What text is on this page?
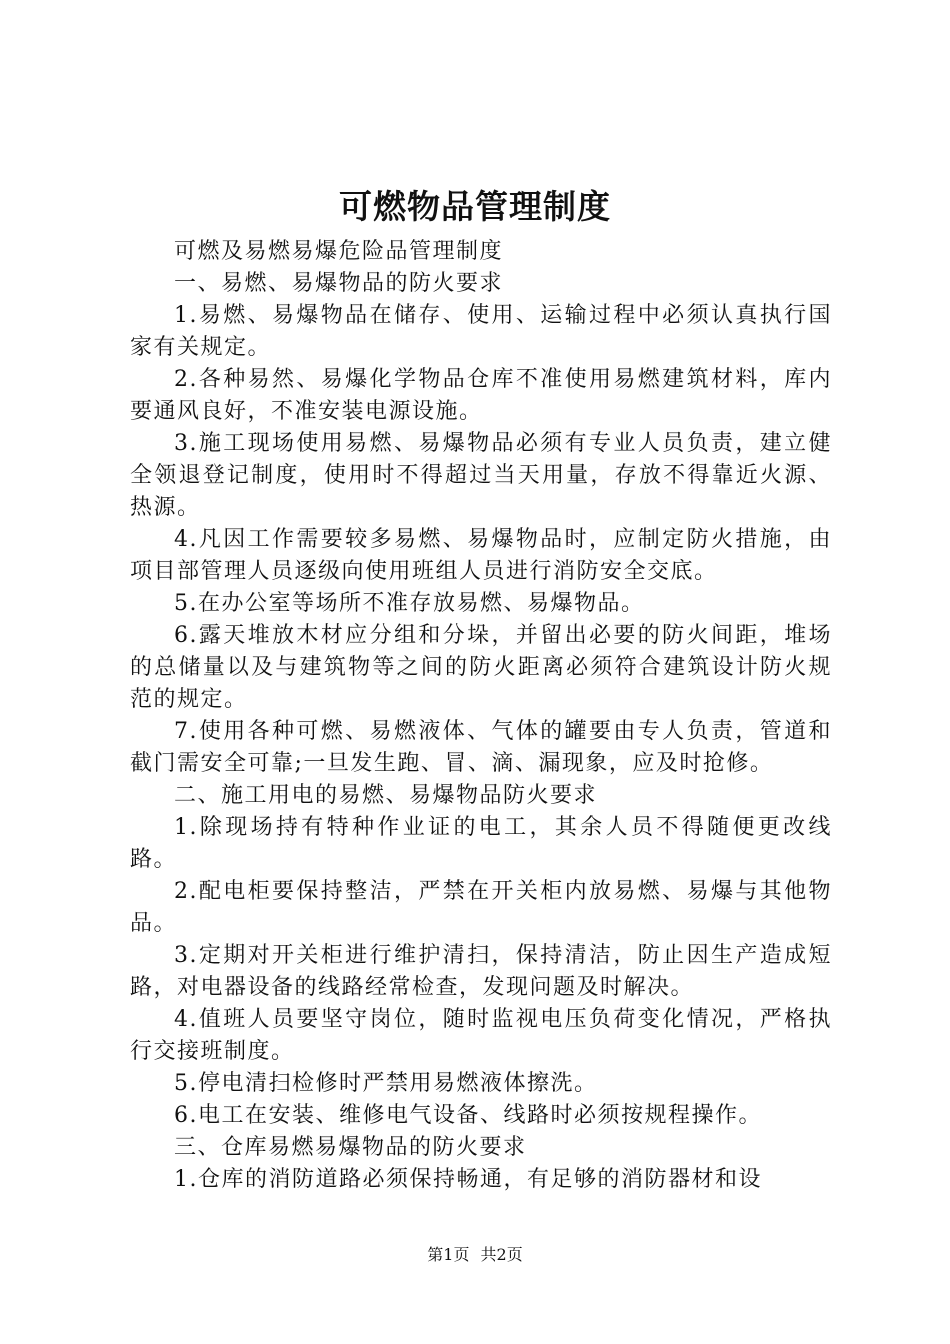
可燃物品管理制度

可燃及易燃易爆危险品管理制度

一、易燃、易爆物品的防火要求

1.易燃、易爆物品在储存、使用、运输过程中必须认真执行国家有关规定。

2.各种易然、易爆化学物品仓库不准使用易燃建筑材料，库内要通风良好，不准安装电源设施。

3.施工现场使用易燃、易爆物品必须有专业人员负责，建立健全领退登记制度，使用时不得超过当天用量，存放不得靠近火源、热源。

4.凡因工作需要较多易燃、易爆物品时，应制定防火措施，由项目部管理人员逐级向使用班组人员进行消防安全交底。

5.在办公室等场所不准存放易燃、易爆物品。

6.露天堆放木材应分组和分垛，并留出必要的防火间距，堆场的总储量以及与建筑物等之间的防火距离必须符合建筑设计防火规范的规定。

7.使用各种可燃、易燃液体、气体的罐要由专人负责，管道和截门需安全可靠;一旦发生跑、冒、滴、漏现象，应及时抢修。

二、施工用电的易燃、易爆物品防火要求

1.除现场持有特种作业证的电工，其余人员不得随便更改线路。

2.配电柜要保持整洁，严禁在开关柜内放易燃、易爆与其他物品。

3.定期对开关柜进行维护清扫，保持清洁，防止因生产造成短路，对电器设备的线路经常检查，发现问题及时解决。

4.值班人员要坚守岗位，随时监视电压负荷变化情况，严格执行交接班制度。

5.停电清扫检修时严禁用易燃液体擦洗。

6.电工在安装、维修电气设备、线路时必须按规程操作。

三、仓库易燃易爆物品的防火要求

1.仓库的消防道路必须保持畅通，有足够的消防器材和设

第1页 共2页
